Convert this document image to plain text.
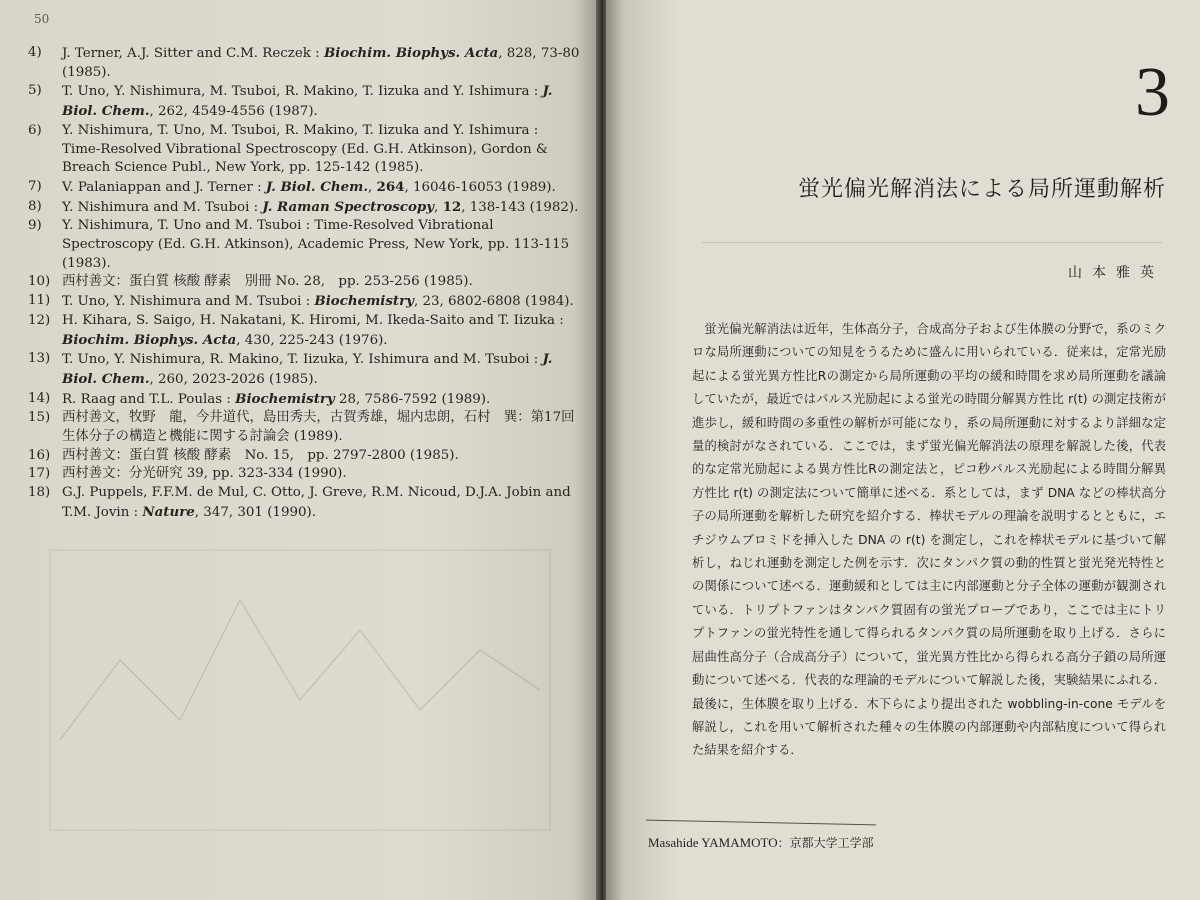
50
4)	J. Terner, A.J. Sitter and C.M. Reczek : Biochim. Biophys. Acta, 828, 73-80 (1985).
5)	T. Uno, Y. Nishimura, M. Tsuboi, R. Makino, T. Iizuka and Y. Ishimura : J. Biol. Chem., 262, 4549-4556 (1987).
6)	Y. Nishimura, T. Uno, M. Tsuboi, R. Makino, T. Iizuka and Y. Ishimura : Time-Resolved Vibrational Spectroscopy (Ed. G.H. Atkinson), Gordon & Breach Science Publ., New York, pp. 125-142 (1985).
7)	V. Palaniappan and J. Terner : J. Biol. Chem., 264, 16046-16053 (1989).
8)	Y. Nishimura and M. Tsuboi : J. Raman Spectroscopy, 12, 138-143 (1982).
9)	Y. Nishimura, T. Uno and M. Tsuboi : Time-Resolved Vibrational Spectroscopy (Ed. G.H. Atkinson), Academic Press, New York, pp. 113-115 (1983).
10) 西村善文：蛋白質 核酸 酵素　別冊 No. 28,　pp. 253-256 (1985).
11) T. Uno, Y. Nishimura and M. Tsuboi : Biochemistry, 23, 6802-6808 (1984).
12) H. Kihara, S. Saigo, H. Nakatani, K. Hiromi, M. Ikeda-Saito and T. Iizuka : Biochim. Biophys. Acta, 430, 225-243 (1976).
13) T. Uno, Y. Nishimura, R. Makino, T. Iizuka, Y. Ishimura and M. Tsuboi : J. Biol. Chem., 260, 2023-2026 (1985).
14) R. Raag and T.L. Poulas : Biochemistry 28, 7586-7592 (1989).
15) 西村善文，牧野　龍，今井道代，島田秀夫，古賀秀雄，堀内忠朗，石村　巽：第17回生体分子の構造と機能に関する討論会 (1989).
16) 西村善文：蛋白質 核酸 酵素　No. 15,　pp. 2797-2800 (1985).
17) 西村善文：分光研究 39, pp. 323-334 (1990).
18) G.J. Puppels, F.F.M. de Mul, C. Otto, J. Greve, R.M. Nicoud, D.J.A. Jobin and T.M. Jovin : Nature, 347, 301 (1990).
3
蛍光偏光解消法による局所運動解析
山本雅英

蛍光偏光解消法は近年，生体高分子，合成高分子および生体膜の分野で，系のミクロな局所運動についての知見をうるために盛んに用いられている．従来は，定常光励起による蛍光異方性比Rの測定から局所運動の平均の緩和時間を求め局所運動を議論していたが，最近ではパルス光励起による蛍光の時間分解異方性比 r(t) の測定技術が進歩し，緩和時間の多重性の解析が可能になり，系の局所運動に対するより詳細な定量的検討がなされている．ここでは，まず蛍光偏光解消法の原理を解説した後，代表的な定常光励起による異方性比Rの測定法と，ピコ秒パルス光励起による時間分解異方性比 r(t) の測定法について簡単に述べる．系としては，まず DNA などの棒状高分子の局所運動を解析した研究を紹介する．棒状モデルの理論を説明するとともに，エチジウムブロミドを挿入した DNA の r(t) を測定し，これを棒状モデルに基づいて解析し，ねじれ運動を測定した例を示す．次にタンパク質の動的性質と蛍光発光特性との関係について述べる．運動緩和としては主に内部運動と分子全体の運動が観測されている．トリプトファンはタンパク質固有の蛍光プローブであり，ここでは主にトリプトファンの蛍光特性を通して得られるタンパク質の局所運動を取り上げる．さらに屈曲性高分子（合成高分子）について，蛍光異方性比から得られる高分子鎖の局所運動について述べる．代表的な理論的モデルについて解説した後，実験結果にふれる．最後に，生体膜を取り上げる．木下らにより提出された wobbling-in-cone モデルを解説し，これを用いて解析された種々の生体膜の内部運動や内部粘度について得られた結果を紹介する．

Masahide YAMAMOTO：京都大学工学部
